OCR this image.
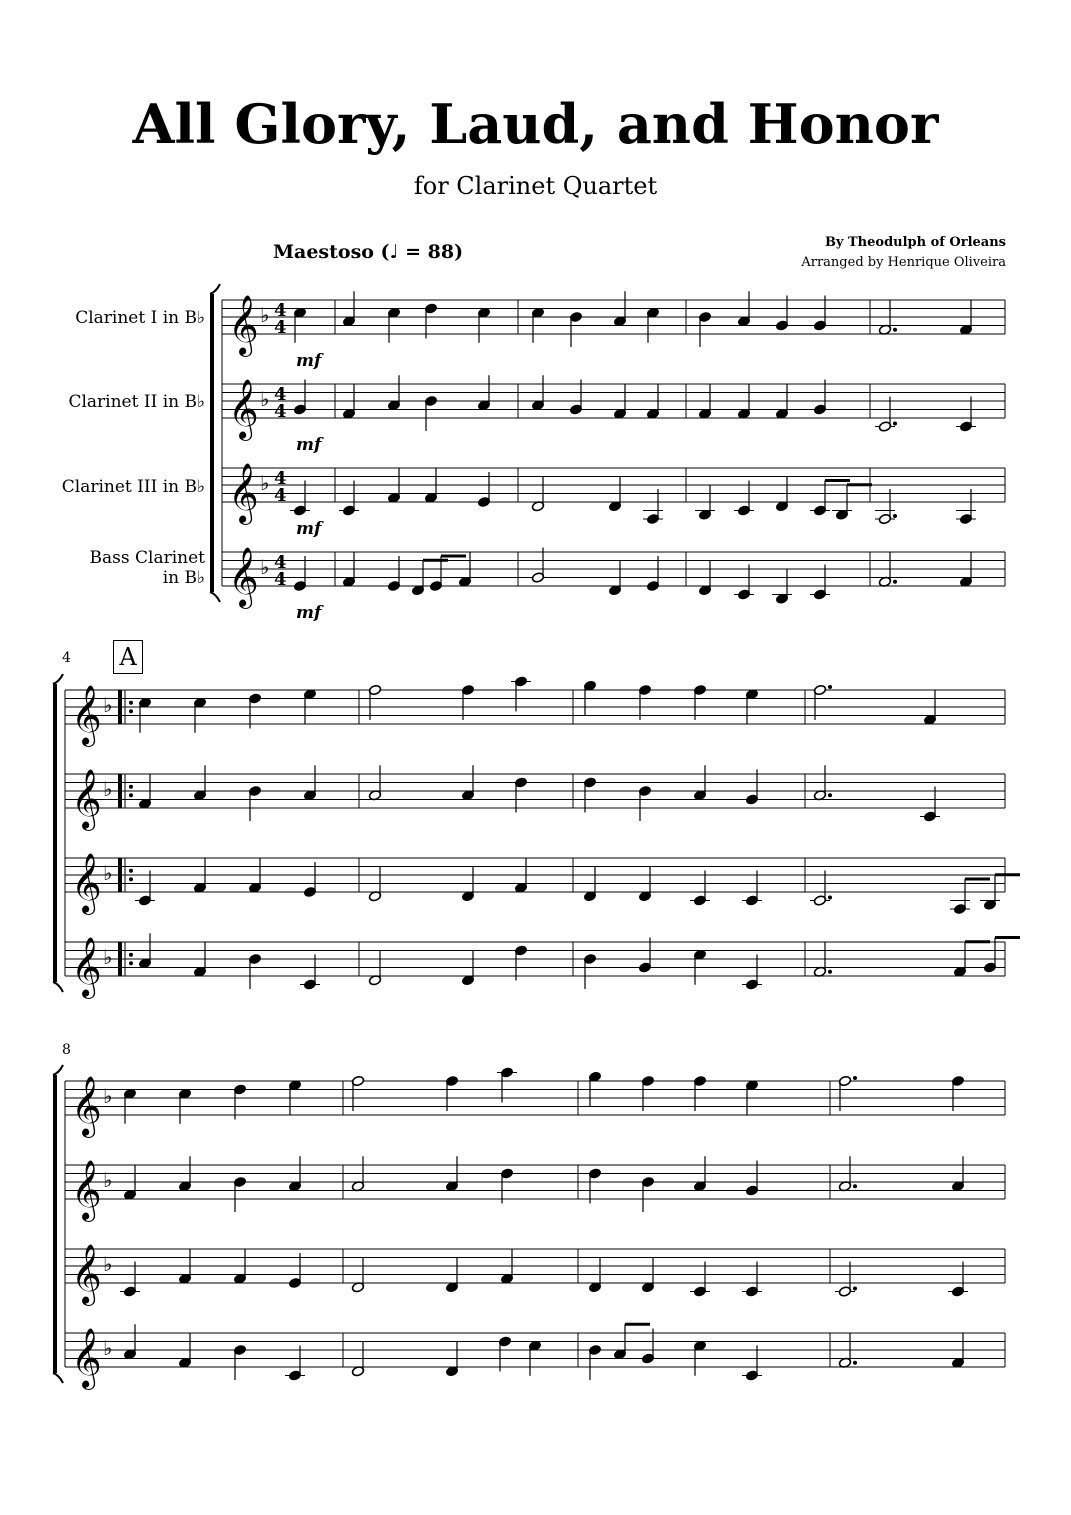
All Glory, Laud, and Honor
for Clarinet Quartet
Maestoso (♩ = 88)	By Theodulph of Orleans
Arranged by Henrique Oliveira
Clarinet I in B♭
Clarinet II in B♭
Clarinet III in B♭
Bass Clarinet
in B♭
4 A
8
𝄞 ♭ 4
4
mf
𝄞 ♭ 4
4
mf
𝄞 ♭ 4
4
mf
𝄞 ♭ 4
4
mf
𝄞 ♭
𝄞 ♭
𝄞 ♭
𝄞 ♭
𝄞 ♭
𝄞 ♭
𝄞 ♭
𝄞 ♭
